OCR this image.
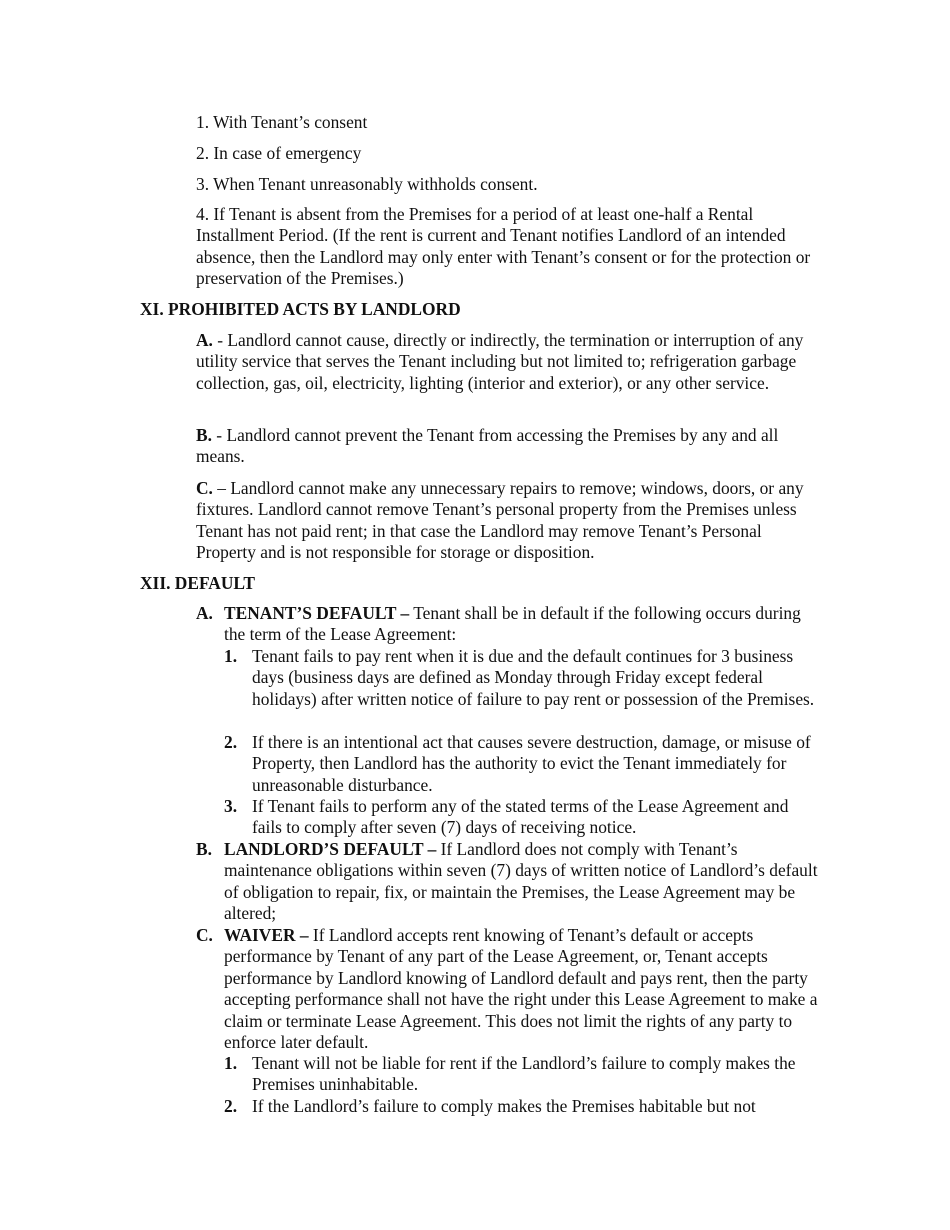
1. With Tenant’s consent

2. In case of emergency

3. When Tenant unreasonably withholds consent.

4. If Tenant is absent from the Premises for a period of at least one-half a Rental Installment Period. (If the rent is current and Tenant notifies Landlord of an intended absence, then the Landlord may only enter with Tenant’s consent or for the protection or preservation of the Premises.)

XI. PROHIBITED ACTS BY LANDLORD

A. - Landlord cannot cause, directly or indirectly, the termination or interruption of any utility service that serves the Tenant including but not limited to; refrigeration garbage collection, gas, oil, electricity, lighting (interior and exterior), or any other service.

B. - Landlord cannot prevent the Tenant from accessing the Premises by any and all means.

C. – Landlord cannot make any unnecessary repairs to remove; windows, doors, or any fixtures. Landlord cannot remove Tenant’s personal property from the Premises unless Tenant has not paid rent; in that case the Landlord may remove Tenant’s Personal Property and is not responsible for storage or disposition.

XII. DEFAULT

A. TENANT’S DEFAULT – Tenant shall be in default if the following occurs during the term of the Lease Agreement:
1. Tenant fails to pay rent when it is due and the default continues for 3 business days (business days are defined as Monday through Friday except federal holidays) after written notice of failure to pay rent or possession of the Premises.
2. If there is an intentional act that causes severe destruction, damage, or misuse of Property, then Landlord has the authority to evict the Tenant immediately for unreasonable disturbance.
3. If Tenant fails to perform any of the stated terms of the Lease Agreement and fails to comply after seven (7) days of receiving notice.
B. LANDLORD’S DEFAULT – If Landlord does not comply with Tenant’s maintenance obligations within seven (7) days of written notice of Landlord’s default of obligation to repair, fix, or maintain the Premises, the Lease Agreement may be altered;
C. WAIVER – If Landlord accepts rent knowing of Tenant’s default or accepts performance by Tenant of any part of the Lease Agreement, or, Tenant accepts performance by Landlord knowing of Landlord default and pays rent, then the party accepting performance shall not have the right under this Lease Agreement to make a claim or terminate Lease Agreement. This does not limit the rights of any party to enforce later default.
1. Tenant will not be liable for rent if the Landlord’s failure to comply makes the Premises uninhabitable.
2. If the Landlord’s failure to comply makes the Premises habitable but not
